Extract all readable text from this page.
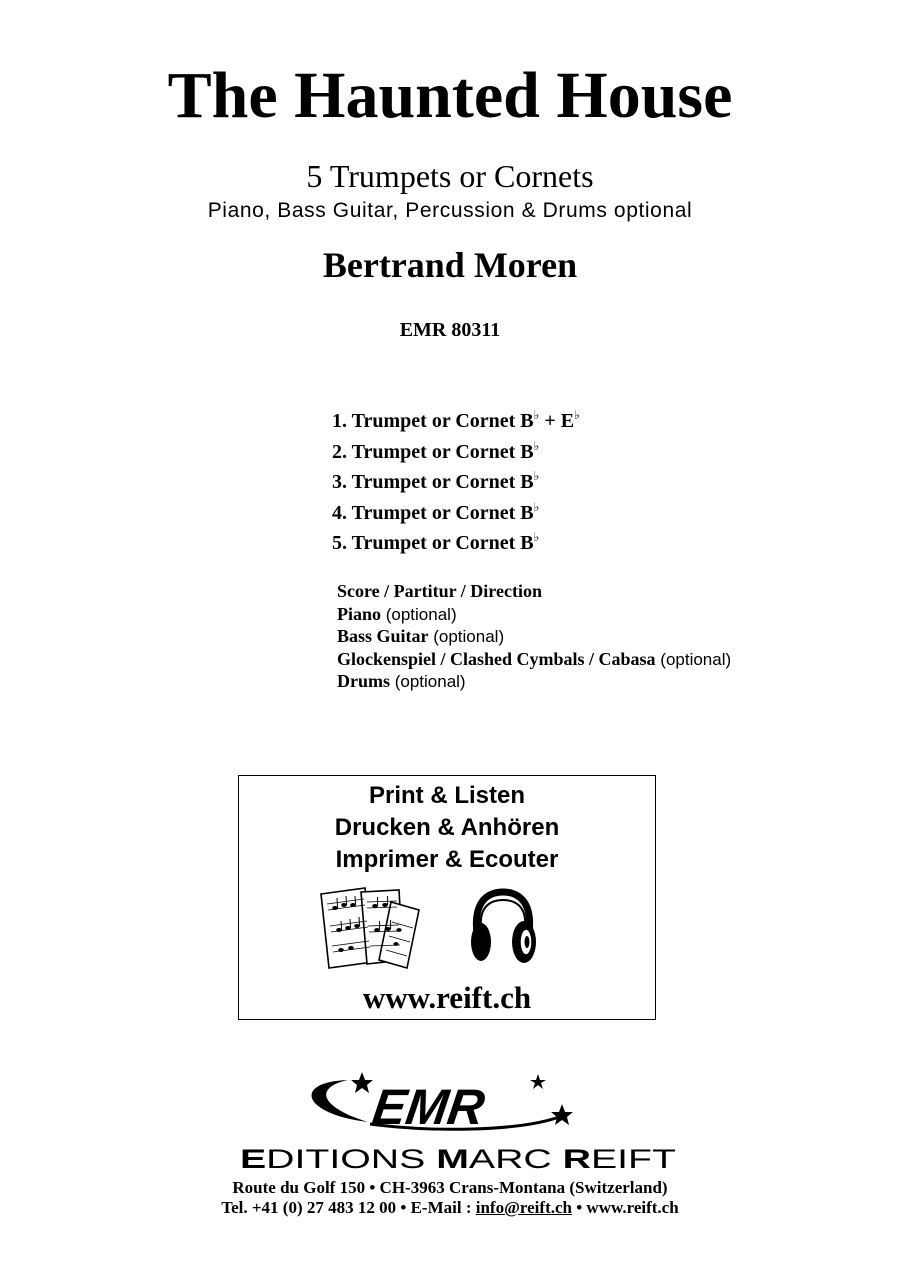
The Haunted House
5 Trumpets or Cornets
Piano, Bass Guitar, Percussion & Drums optional
Bertrand Moren
EMR 80311
1. Trumpet or Cornet B♭ + E♭
2. Trumpet or Cornet B♭
3. Trumpet or Cornet B♭
4. Trumpet or Cornet B♭
5. Trumpet or Cornet B♭
Score / Partitur / Direction
Piano (optional)
Bass Guitar (optional)
Glockenspiel / Clashed Cymbals / Cabasa (optional)
Drums (optional)
Print & Listen
Drucken & Anhören
Imprimer & Ecouter
www.reift.ch
EMR
E DITIONS M ARC R EIFT
Route du Golf 150 • CH-3963 Crans-Montana (Switzerland)
Tel. +41 (0) 27 483 12 00 • E-Mail : info@reift.ch • www.reift.ch
